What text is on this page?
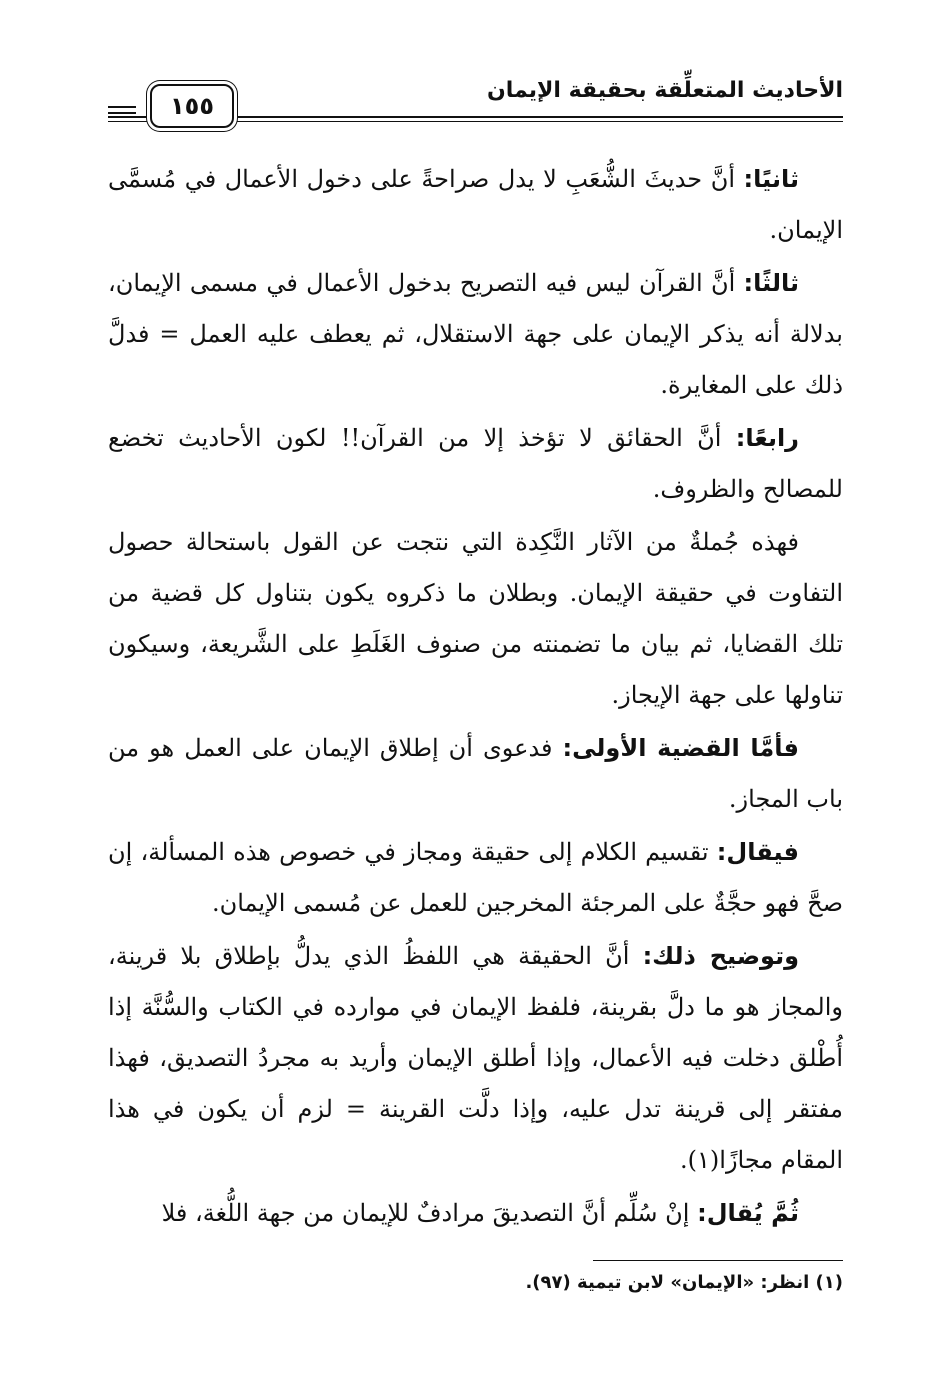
الأحاديث المتعلِّقة بحقيقة الإيمان
١٥٥

ثانيًا: أنَّ حديثَ الشُّعَبِ لا يدل صراحةً على دخول الأعمال في مُسمَّى الإيمان.

ثالثًا: أنَّ القرآن ليس فيه التصريح بدخول الأعمال في مسمى الإيمان، بدلالة أنه يذكر الإيمان على جهة الاستقلال، ثم يعطف عليه العمل = فدلَّ ذلك على المغايرة.

رابعًا: أنَّ الحقائق لا تؤخذ إلا من القرآن!! لكون الأحاديث تخضع للمصالح والظروف.

فهذه جُملةٌ من الآثار النَّكِدة التي نتجت عن القول باستحالة حصول التفاوت في حقيقة الإيمان. وبطلان ما ذكروه يكون بتناول كل قضية من تلك القضايا، ثم بيان ما تضمنته من صنوف الغَلَطِ على الشَّريعة، وسيكون تناولها على جهة الإيجاز.

فأمَّا القضية الأولى: فدعوى أن إطلاق الإيمان على العمل هو من باب المجاز.

فيقال: تقسيم الكلام إلى حقيقة ومجاز في خصوص هذه المسألة، إن صحَّ فهو حجَّةٌ على المرجئة المخرجين للعمل عن مُسمى الإيمان.

وتوضيح ذلك: أنَّ الحقيقة هي اللفظُ الذي يدلُّ بإطلاق بلا قرينة، والمجاز هو ما دلَّ بقرينة، فلفظ الإيمان في موارده في الكتاب والسُّنَّة إذا أُطْلق دخلت فيه الأعمال، وإذا أطلق الإيمان وأريد به مجردُ التصديق، فهذا مفتقر إلى قرينة تدل عليه، وإذا دلَّت القرينة = لزم أن يكون في هذا المقام مجازًا(١).

ثُمَّ يُقال: إنْ سُلِّم أنَّ التصديقَ مرادفٌ للإيمان من جهة اللُّغة، فلا

(١) انظر: «الإيمان» لابن تيمية (٩٧).
